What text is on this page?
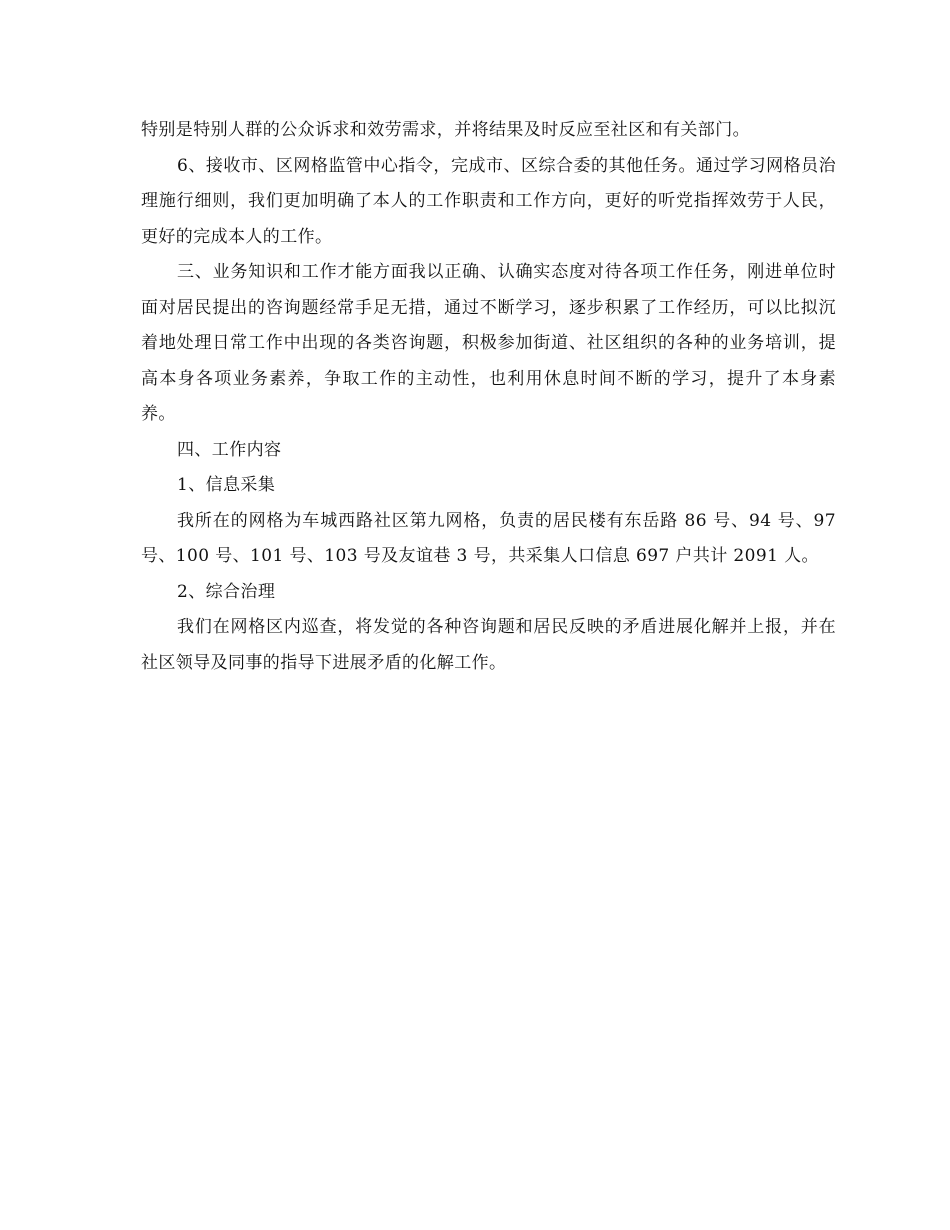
特别是特别人群的公众诉求和效劳需求，并将结果及时反应至社区和有关部门。

6、接收市、区网格监管中心指令，完成市、区综合委的其他任务。通过学习网格员治理施行细则，我们更加明确了本人的工作职责和工作方向，更好的听党指挥效劳于人民，更好的完成本人的工作。

三、业务知识和工作才能方面我以正确、认确实态度对待各项工作任务，刚进单位时面对居民提出的咨询题经常手足无措，通过不断学习，逐步积累了工作经历，可以比拟沉着地处理日常工作中出现的各类咨询题，积极参加街道、社区组织的各种的业务培训，提高本身各项业务素养，争取工作的主动性，也利用休息时间不断的学习，提升了本身素养。

四、工作内容

1、信息采集

我所在的网格为车城西路社区第九网格，负责的居民楼有东岳路 86 号、94 号、97 号、100 号、101 号、103 号及友谊巷 3 号，共采集人口信息 697 户共计 2091 人。

2、综合治理

我们在网格区内巡查，将发觉的各种咨询题和居民反映的矛盾进展化解并上报，并在社区领导及同事的指导下进展矛盾的化解工作。
